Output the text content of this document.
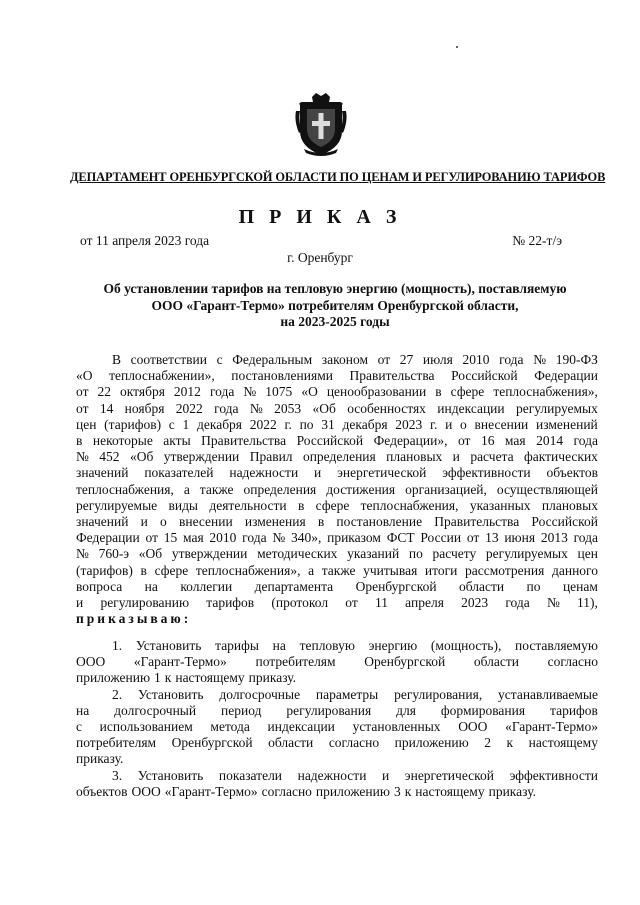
ДЕПАРТАМЕНТ ОРЕНБУРГСКОЙ ОБЛАСТИ ПО ЦЕНАМ И РЕГУЛИРОВАНИЮ ТАРИФОВ
П Р И К А З
от 11 апреля 2023 года	№ 22-т/э
г. Оренбург
Об установлении тарифов на тепловую энергию (мощность), поставляемую
ООО «Гарант-Термо» потребителям Оренбургской области,
на 2023-2025 годы
В соответствии с Федеральным законом от 27 июля 2010 года № 190-ФЗ
«О теплоснабжении», постановлениями Правительства Российской Федерации
от 22 октября 2012 года № 1075 «О ценообразовании в сфере теплоснабжения»,
от 14 ноября 2022 года № 2053 «Об особенностях индексации регулируемых
цен (тарифов) с 1 декабря 2022 г. по 31 декабря 2023 г. и о внесении изменений
в некоторые акты Правительства Российской Федерации», от 16 мая 2014 года
№ 452 «Об утверждении Правил определения плановых и расчета фактических
значений показателей надежности и энергетической эффективности объектов
теплоснабжения, а также определения достижения организацией, осуществляющей
регулируемые виды деятельности в сфере теплоснабжения, указанных плановых
значений и о внесении изменения в постановление Правительства Российской
Федерации от 15 мая 2010 года № 340», приказом ФСТ России от 13 июня 2013 года
№ 760-э «Об утверждении методических указаний по расчету регулируемых цен
(тарифов) в сфере теплоснабжения», а также учитывая итоги рассмотрения данного
вопроса на коллегии департамента Оренбургской области по ценам
и регулированию тарифов (протокол от 11 апреля 2023 года № 11),
приказываю:
1. Установить тарифы на тепловую энергию (мощность), поставляемую
ООО «Гарант-Термо» потребителям Оренбургской области согласно
приложению 1 к настоящему приказу.
2. Установить долгосрочные параметры регулирования, устанавливаемые
на долгосрочный период регулирования для формирования тарифов
с использованием метода индексации установленных ООО «Гарант-Термо»
потребителям Оренбургской области согласно приложению 2 к настоящему
приказу.
3. Установить показатели надежности и энергетической эффективности
объектов ООО «Гарант-Термо» согласно приложению 3 к настоящему приказу.
